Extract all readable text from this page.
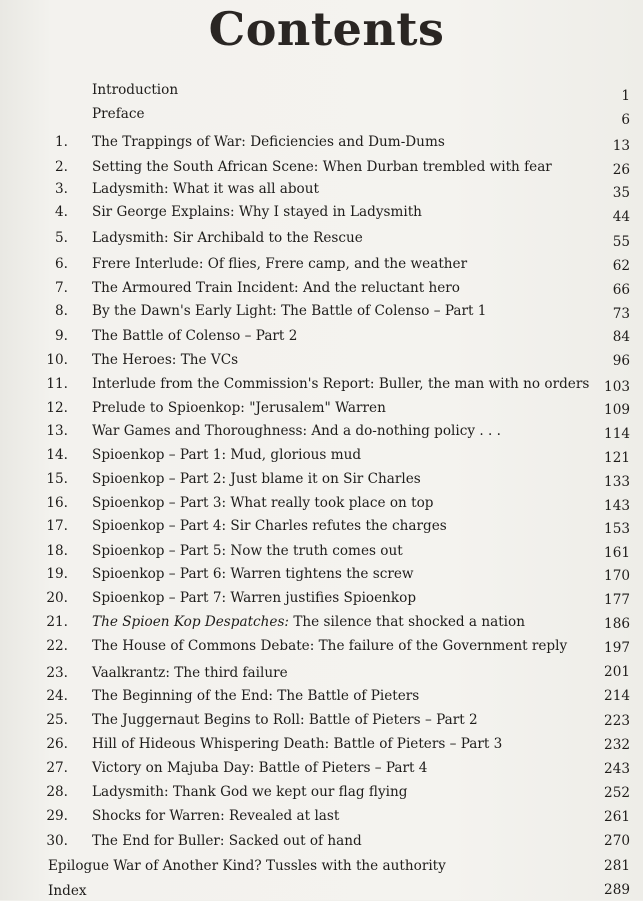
Contents
Introduction	1
Preface	6
1. The Trappings of War: Deficiencies and Dum-Dums	13
2. Setting the South African Scene: When Durban trembled with fear	26
3. Ladysmith: What it was all about	35
4. Sir George Explains: Why I stayed in Ladysmith	44
5. Ladysmith: Sir Archibald to the Rescue	55
6. Frere Interlude: Of flies, Frere camp, and the weather	62
7. The Armoured Train Incident: And the reluctant hero	66
8. By the Dawn's Early Light: The Battle of Colenso – Part 1	73
9. The Battle of Colenso – Part 2	84
10. The Heroes: The VCs	96
11. Interlude from the Commission's Report: Buller, the man with no orders 103
12. Prelude to Spioenkop: "Jerusalem" Warren	109
13. War Games and Thoroughness: And a do-nothing policy . . .	114
14. Spioenkop – Part 1: Mud, glorious mud	121
15. Spioenkop – Part 2: Just blame it on Sir Charles	133
16. Spioenkop – Part 3: What really took place on top	143
17. Spioenkop – Part 4: Sir Charles refutes the charges	153
18. Spioenkop – Part 5: Now the truth comes out	161
19. Spioenkop – Part 6: Warren tightens the screw	170
20. Spioenkop – Part 7: Warren justifies Spioenkop	177
21. The Spioen Kop Despatches: The silence that shocked a nation	186
22. The House of Commons Debate: The failure of the Government reply	197
23. Vaalkrantz: The third failure	201
24. The Beginning of the End: The Battle of Pieters	214
25. The Juggernaut Begins to Roll: Battle of Pieters – Part 2	223
26. Hill of Hideous Whispering Death: Battle of Pieters – Part 3	232
27. Victory on Majuba Day: Battle of Pieters – Part 4	243
28. Ladysmith: Thank God we kept our flag flying	252
29. Shocks for Warren: Revealed at last	261
30. The End for Buller: Sacked out of hand	270
Epilogue War of Another Kind? Tussles with the authority	281
Index	289
